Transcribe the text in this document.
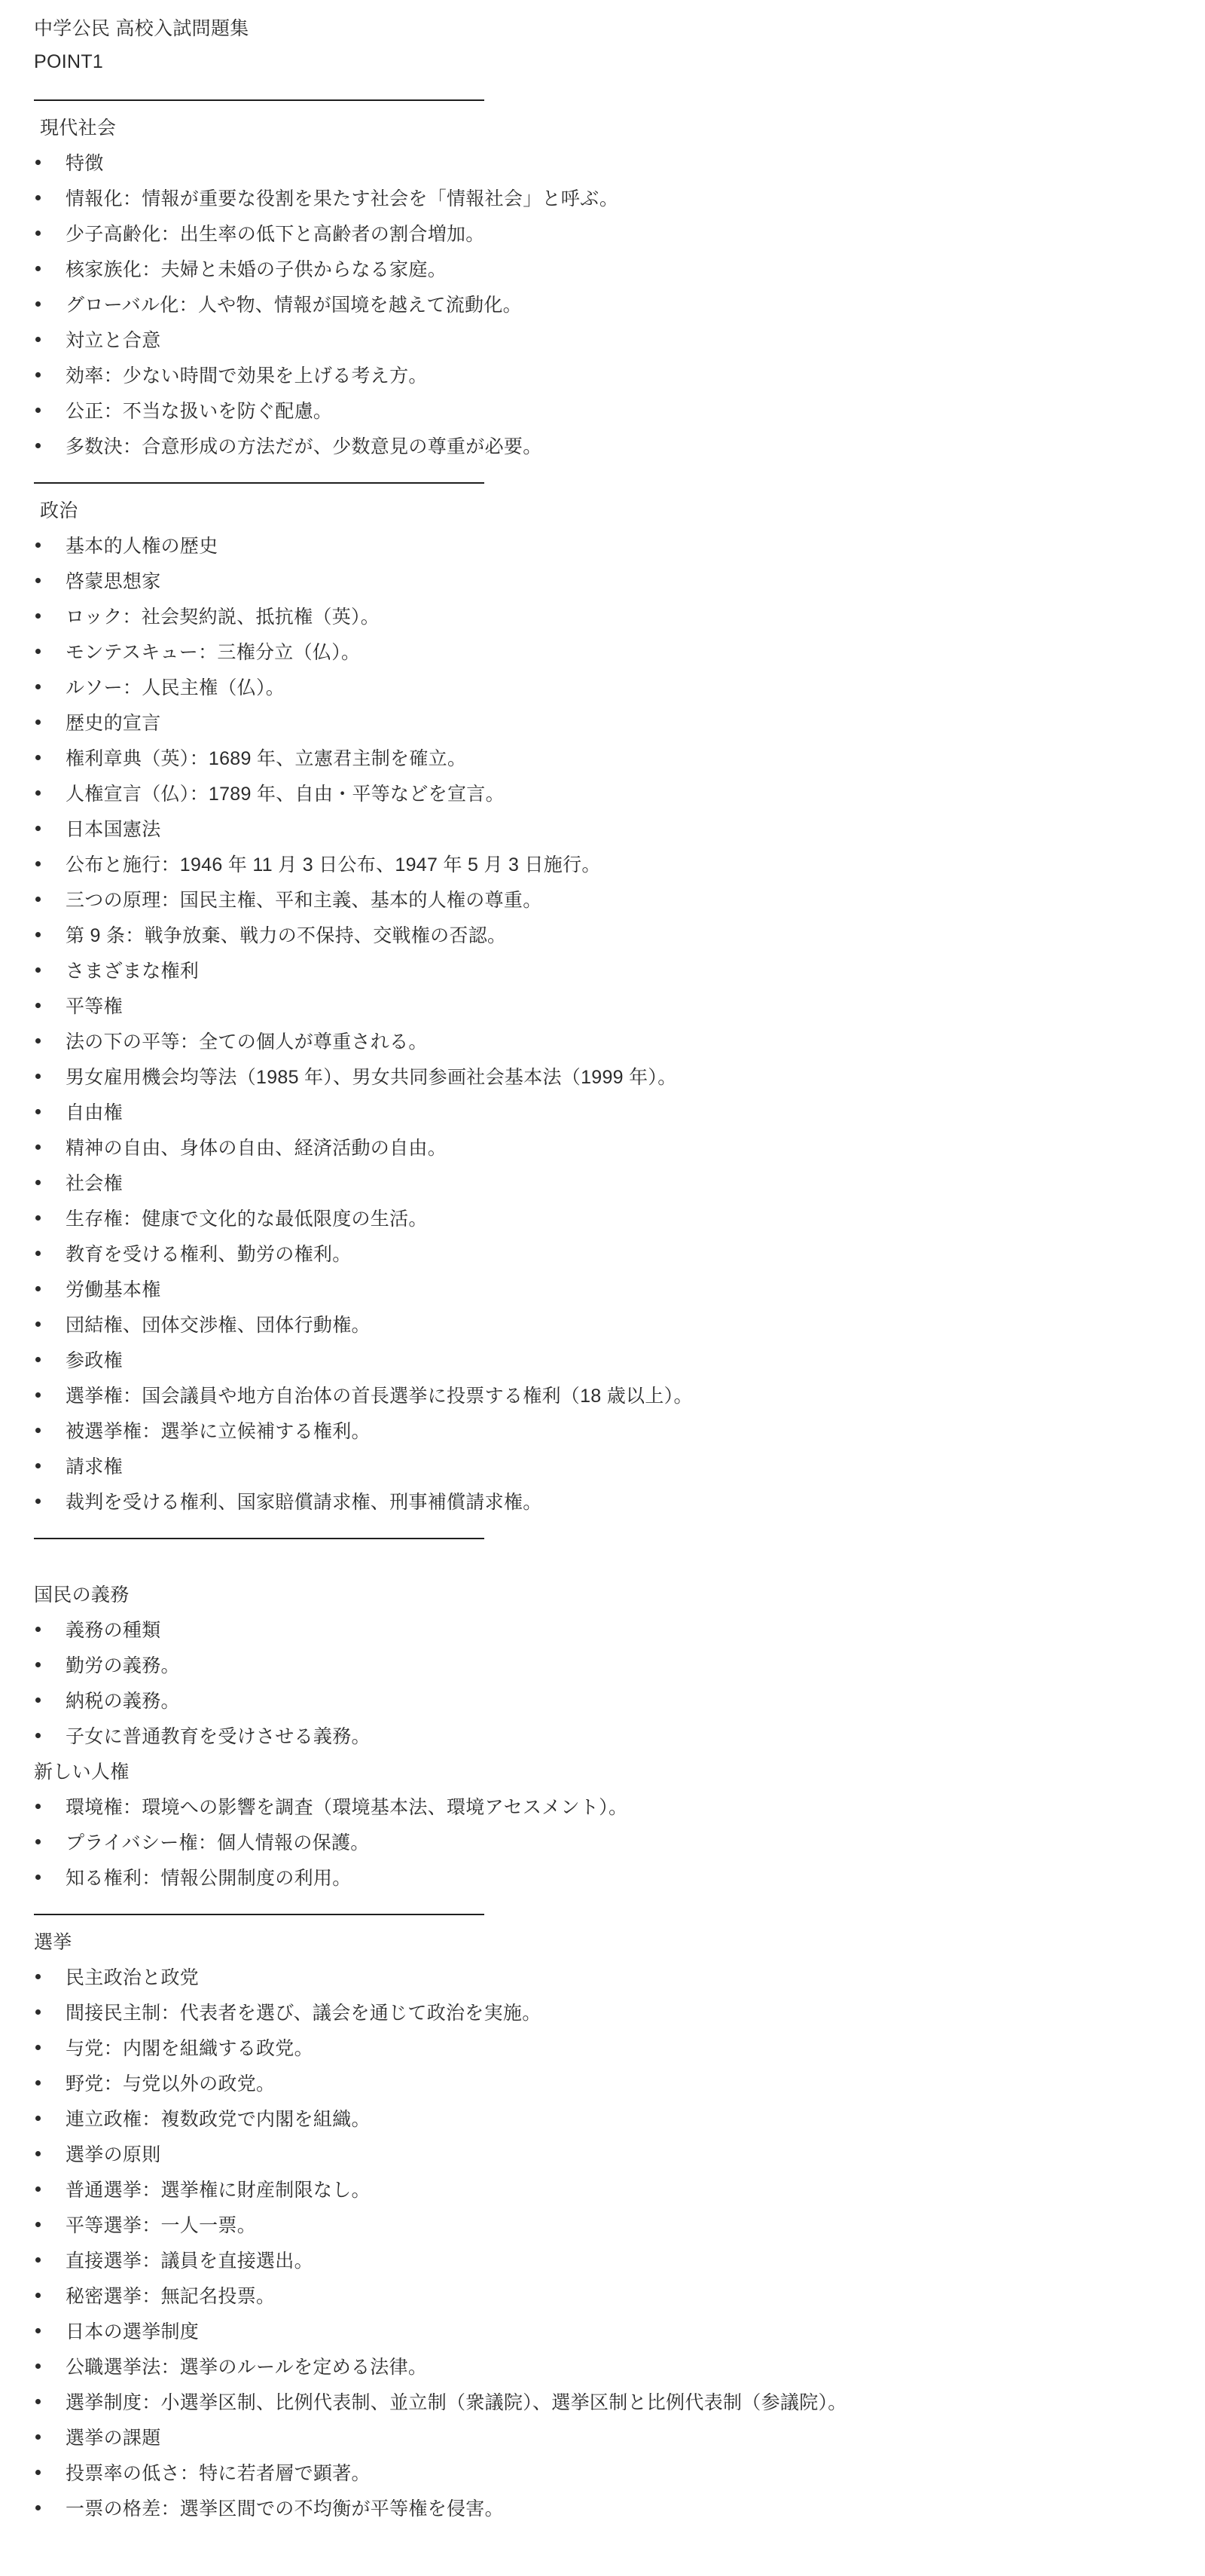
中学公民 高校入試問題集
POINT1
現代社会
特徴
情報化：情報が重要な役割を果たす社会を「情報社会」と呼ぶ。
少子高齢化：出生率の低下と高齢者の割合増加。
核家族化：夫婦と未婚の子供からなる家庭。
グローバル化：人や物、情報が国境を越えて流動化。
対立と合意
効率：少ない時間で効果を上げる考え方。
公正：不当な扱いを防ぐ配慮。
多数決：合意形成の方法だが、少数意見の尊重が必要。
政治
基本的人権の歴史
啓蒙思想家
ロック：社会契約説、抵抗権（英）。
モンテスキュー：三権分立（仏）。
ルソー：人民主権（仏）。
歴史的宣言
権利章典（英）：1689 年、立憲君主制を確立。
人権宣言（仏）：1789 年、自由・平等などを宣言。
日本国憲法
公布と施行：1946 年 11 月 3 日公布、1947 年 5 月 3 日施行。
三つの原理：国民主権、平和主義、基本的人権の尊重。
第 9 条：戦争放棄、戦力の不保持、交戦権の否認。
さまざまな権利
平等権
法の下の平等：全ての個人が尊重される。
男女雇用機会均等法（1985 年）、男女共同参画社会基本法（1999 年）。
自由権
精神の自由、身体の自由、経済活動の自由。
社会権
生存権：健康で文化的な最低限度の生活。
教育を受ける権利、勤労の権利。
労働基本権
団結権、団体交渉権、団体行動権。
参政権
選挙権：国会議員や地方自治体の首長選挙に投票する権利（18 歳以上）。
被選挙権：選挙に立候補する権利。
請求権
裁判を受ける権利、国家賠償請求権、刑事補償請求権。
国民の義務
義務の種類
勤労の義務。
納税の義務。
子女に普通教育を受けさせる義務。
新しい人権
環境権：環境への影響を調査（環境基本法、環境アセスメント）。
プライバシー権：個人情報の保護。
知る権利：情報公開制度の利用。
選挙
民主政治と政党
間接民主制：代表者を選び、議会を通じて政治を実施。
与党：内閣を組織する政党。
野党：与党以外の政党。
連立政権：複数政党で内閣を組織。
選挙の原則
普通選挙：選挙権に財産制限なし。
平等選挙：一人一票。
直接選挙：議員を直接選出。
秘密選挙：無記名投票。
日本の選挙制度
公職選挙法：選挙のルールを定める法律。
選挙制度：小選挙区制、比例代表制、並立制（衆議院）、選挙区制と比例代表制（参議院）。
選挙の課題
投票率の低さ：特に若者層で顕著。
一票の格差：選挙区間での不均衡が平等権を侵害。
